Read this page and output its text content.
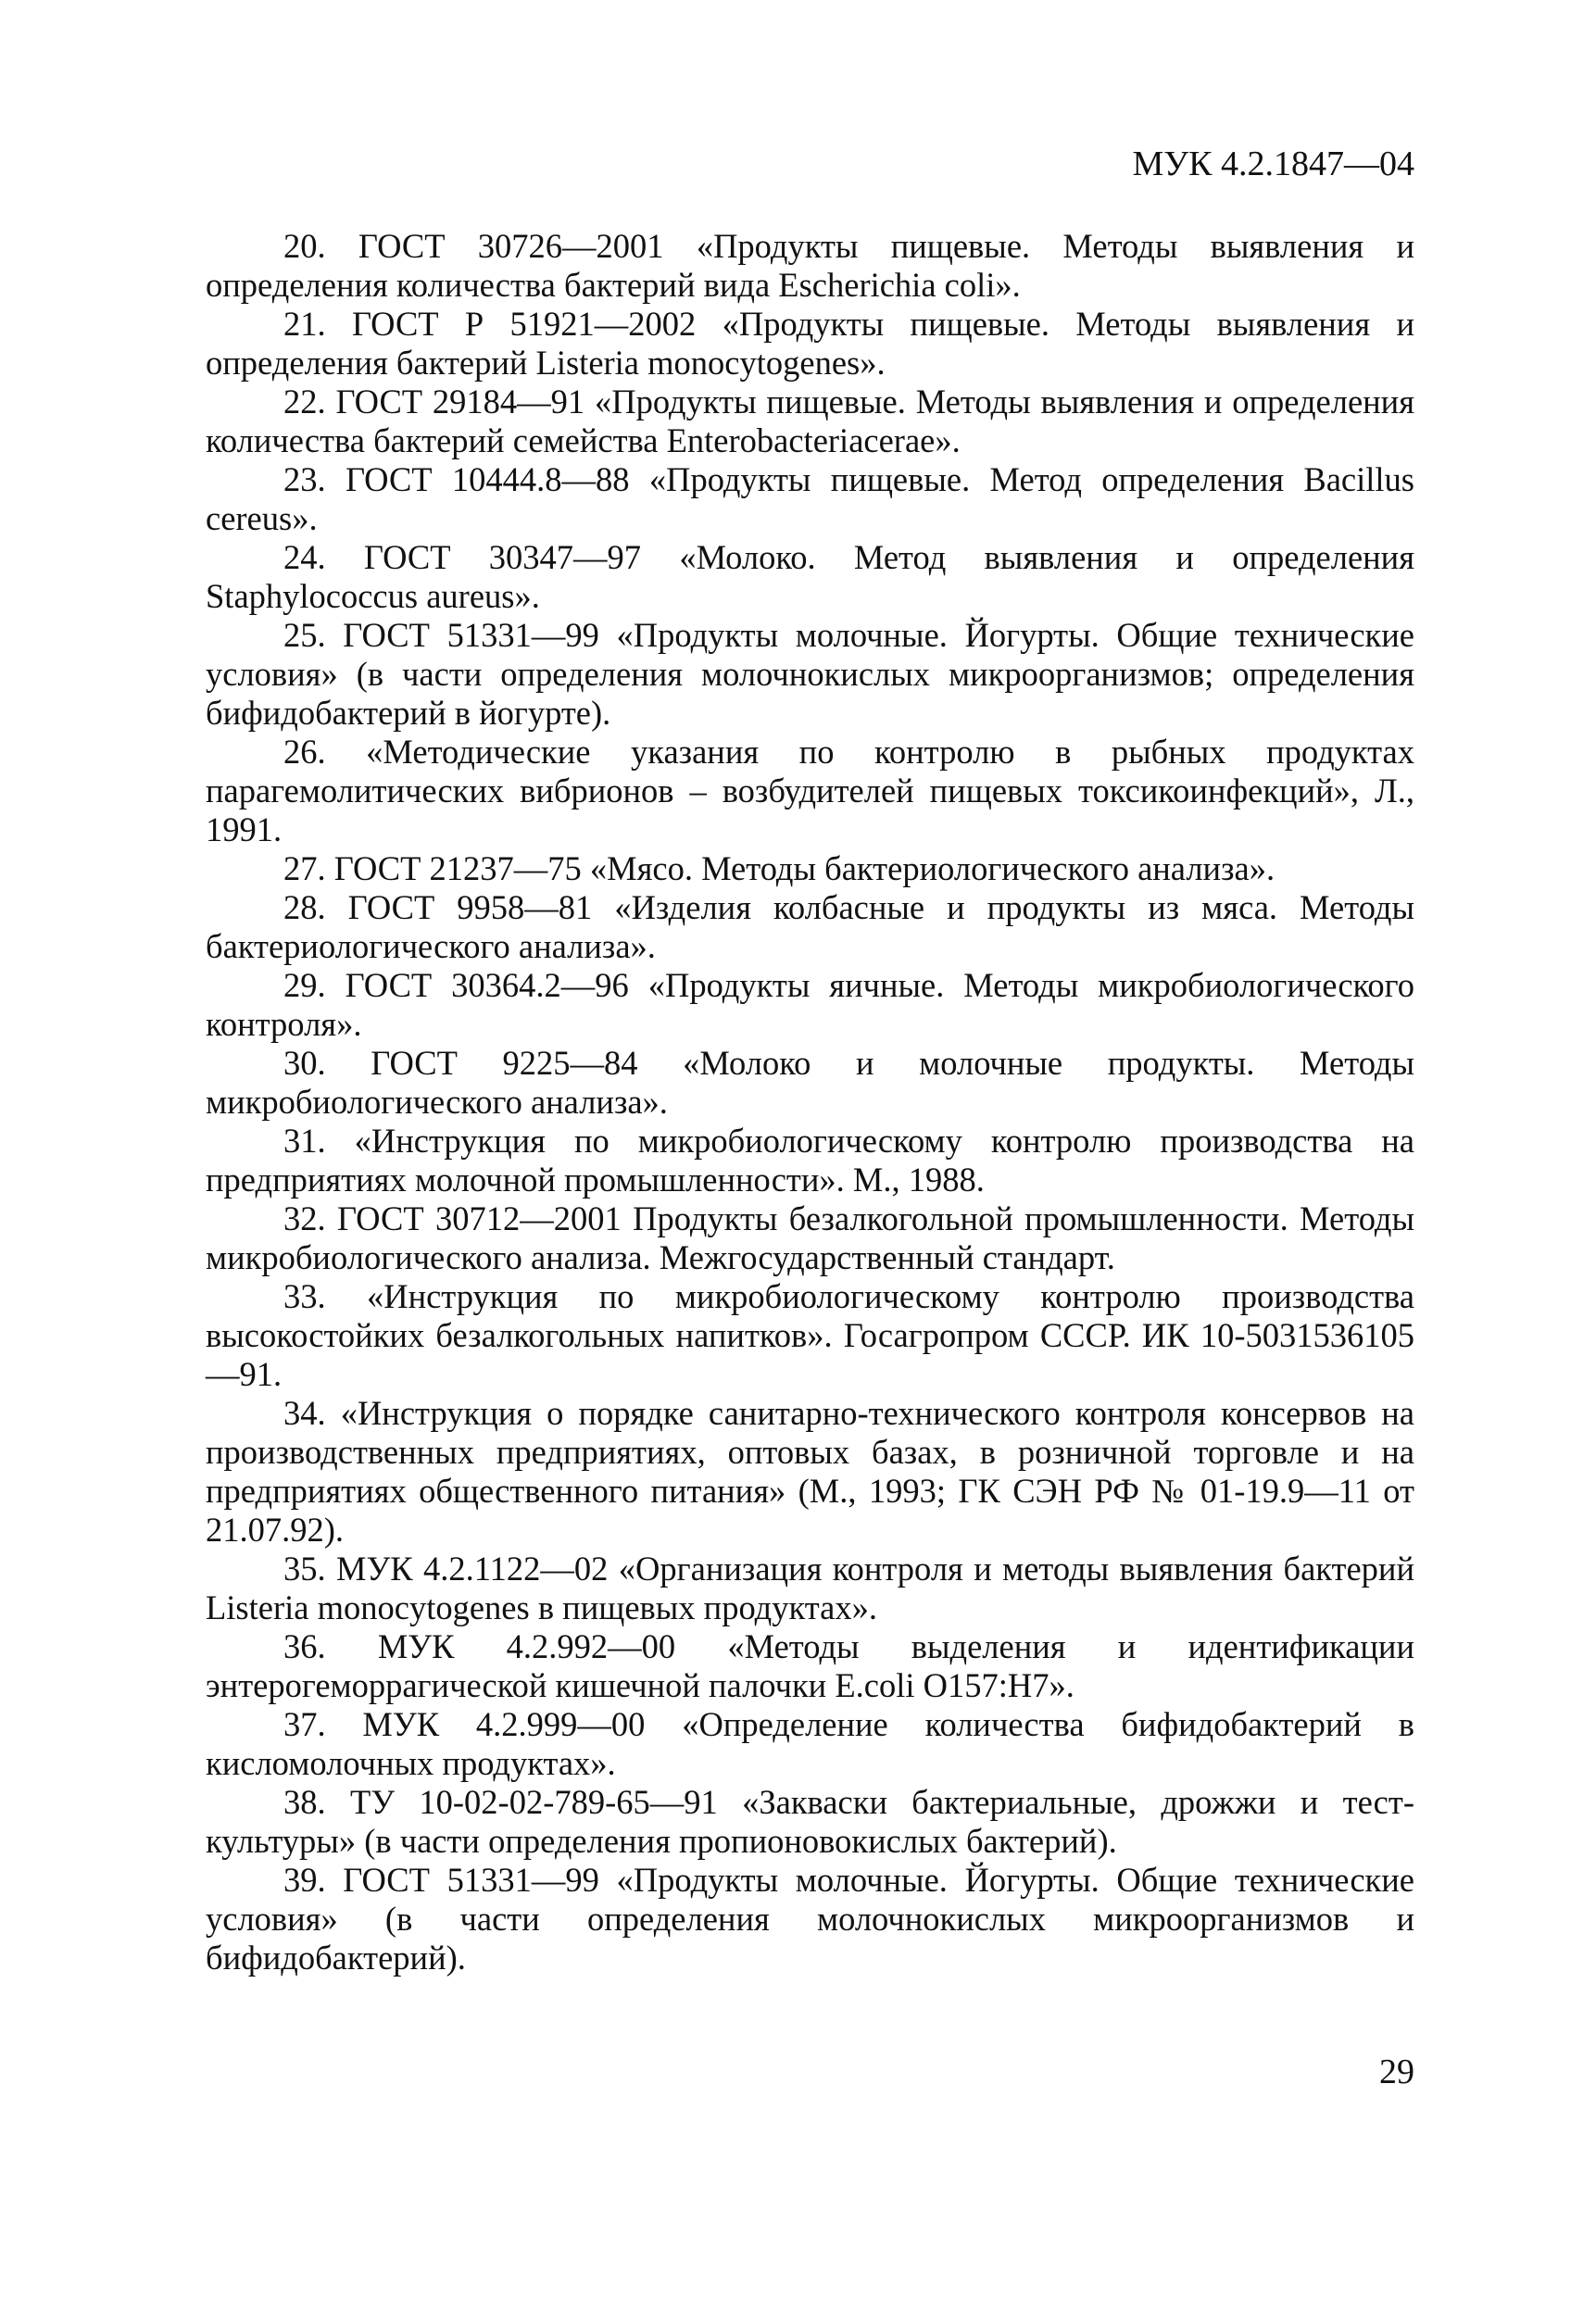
МУК 4.2.1847—04

20. ГОСТ 30726—2001 «Продукты пищевые. Методы выявления и определения количества бактерий вида Escherichia coli».

21. ГОСТ Р 51921—2002 «Продукты пищевые. Методы выявления и определения бактерий Listeria monocytogenes».

22. ГОСТ 29184—91 «Продукты пищевые. Методы выявления и определения количества бактерий семейства Enterobacteriacerae».

23. ГОСТ 10444.8—88 «Продукты пищевые. Метод определения Bacillus cereus».

24. ГОСТ 30347—97 «Молоко. Метод выявления и определения Staphylococcus aureus».

25. ГОСТ 51331—99 «Продукты молочные. Йогурты. Общие технические условия» (в части определения молочнокислых микроорганизмов; определения бифидобактерий в йогурте).

26. «Методические указания по контролю в рыбных продуктах парагемолитических вибрионов – возбудителей пищевых токсикоинфекций», Л., 1991.

27. ГОСТ 21237—75 «Мясо. Методы бактериологического анализа».

28. ГОСТ 9958—81 «Изделия колбасные и продукты из мяса. Методы бактериологического анализа».

29. ГОСТ 30364.2—96 «Продукты яичные. Методы микробиологического контроля».

30. ГОСТ 9225—84 «Молоко и молочные продукты. Методы микробиологического анализа».

31. «Инструкция по микробиологическому контролю производства на предприятиях молочной промышленности». М., 1988.

32. ГОСТ 30712—2001 Продукты безалкогольной промышленности. Методы микробиологического анализа. Межгосударственный стандарт.

33. «Инструкция по микробиологическому контролю производства высокостойких безалкогольных напитков». Госагропром СССР. ИК 10-5031536105—91.

34. «Инструкция о порядке санитарно-технического контроля консервов на производственных предприятиях, оптовых базах, в розничной торговле и на предприятиях общественного питания» (М., 1993; ГК СЭН РФ № 01-19.9—11 от 21.07.92).

35. МУК 4.2.1122—02 «Организация контроля и методы выявления бактерий Listeria monocytogenes в пищевых продуктах».

36. МУК 4.2.992—00 «Методы выделения и идентификации энтерогеморрагической кишечной палочки E.coli O157:H7».

37. МУК 4.2.999—00 «Определение количества бифидобактерий в кисломолочных продуктах».

38. ТУ 10-02-02-789-65—91 «Закваски бактериальные, дрожжи и тест-культуры» (в части определения пропионовокислых бактерий).

39. ГОСТ 51331—99 «Продукты молочные. Йогурты. Общие технические условия» (в части определения молочнокислых микроорганизмов и бифидобактерий).

29
